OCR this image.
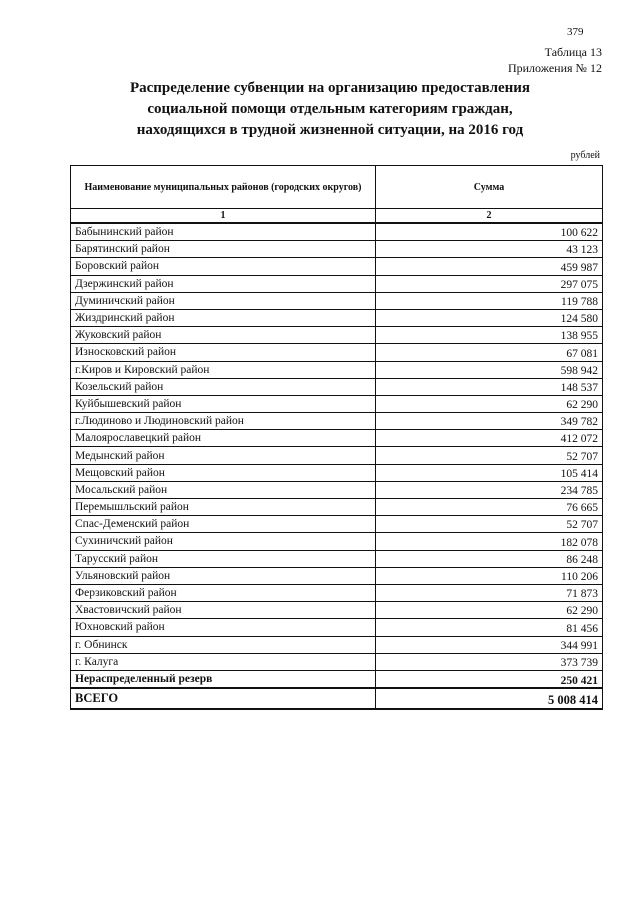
379
Таблица 13
Приложения № 12
Распределение субвенции на организацию предоставления
социальной помощи отдельным категориям граждан,
находящихся в трудной жизненной ситуации, на 2016 год
рублей
Наименование муниципальных районов (городских округов)	Сумма
1	2
Бабынинский район	100 622
Барятинский район	43 123
Боровский район	459 987
Дзержинский район	297 075
Думиничский район	119 788
Жиздринский район	124 580
Жуковский район	138 955
Износковский район	67 081
г.Киров и Кировский район	598 942
Козельский район	148 537
Куйбышевский район	62 290
г.Людиново и Людиновский район	349 782
Малоярославецкий район	412 072
Медынский район	52 707
Мещовский район	105 414
Мосальский район	234 785
Перемышльский район	76 665
Спас-Деменский район	52 707
Сухиничский район	182 078
Тарусский район	86 248
Ульяновский район	110 206
Ферзиковский район	71 873
Хвастовичский район	62 290
Юхновский район	81 456
г. Обнинск	344 991
г. Калуга	373 739
Нераспределенный резерв	250 421
ВСЕГО	5 008 414
